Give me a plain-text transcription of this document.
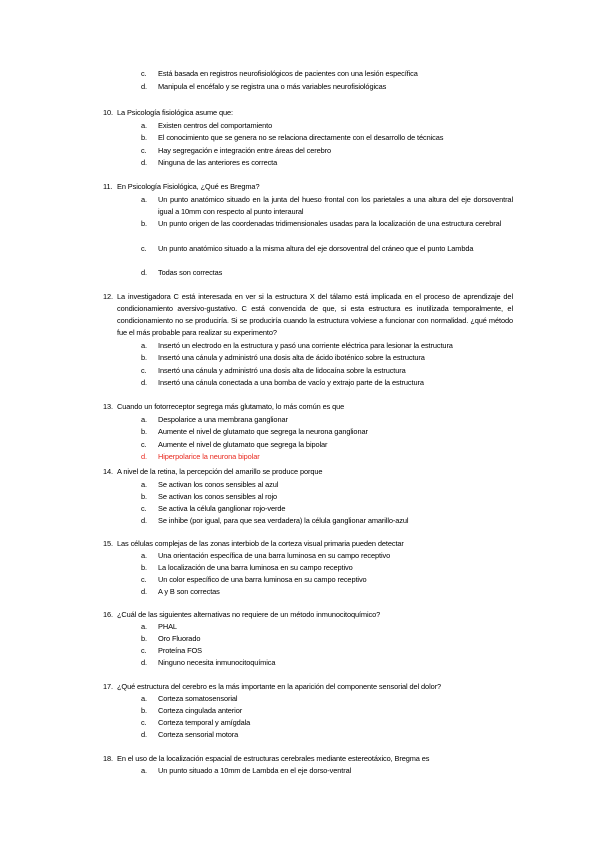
c. Está basada en registros neurofisiológicos de pacientes con una lesión específica
d. Manipula el encéfalo y se registra una o más variables neurofisiológicas
10. La Psicología fisiológica asume que:
a. Existen centros del comportamiento
b. El conocimiento que se genera no se relaciona directamente con el desarrollo de técnicas
c. Hay segregación e integración entre áreas del cerebro
d. Ninguna de las anteriores es correcta
11. En Psicología Fisiológica, ¿Qué es Bregma?
a. Un punto anatómico situado en la junta del hueso frontal con los parietales a una altura del eje dorsoventral igual a 10mm con respecto al punto interaural
b. Un punto origen de las coordenadas tridimensionales usadas para la localización de una estructura cerebral
c. Un punto anatómico situado a la misma altura del eje dorsoventral del cráneo que el punto Lambda
d. Todas son correctas
12. La investigadora C está interesada en ver si la estructura X del tálamo está implicada en el proceso de aprendizaje del condicionamiento aversivo-gustativo. C está convencida de que, si esta estructura es inutilizada temporalmente, el condicionamiento no se produciría. Si se produciría cuando la estructura volviese a funcionar con normalidad. ¿qué método fue el más probable para realizar su experimento?
a. Insertó un electrodo en la estructura y pasó una corriente eléctrica para lesionar la estructura
b. Insertó una cánula y administró una dosis alta de ácido iboténico sobre la estructura
c. Insertó una cánula y administró una dosis alta de lidocaína sobre la estructura
d. Insertó una cánula conectada a una bomba de vacío y extrajo parte de la estructura
13. Cuando un fotorreceptor segrega más glutamato, lo más común es que
a. Despolarice a una membrana ganglionar
b. Aumente el nivel de glutamato que segrega la neurona ganglionar
c. Aumente el nivel de glutamato que segrega la bipolar
d. Hiperpolarice la neurona bipolar
14. A nivel de la retina, la percepción del amarillo se produce porque
a. Se activan los conos sensibles al azul
b. Se activan los conos sensibles al rojo
c. Se activa la célula ganglionar rojo-verde
d. Se inhibe (por igual, para que sea verdadera) la célula ganglionar amarillo-azul
15. Las células complejas de las zonas interbiob de la corteza visual primaria pueden detectar
a. Una orientación específica de una barra luminosa en su campo receptivo
b. La localización de una barra luminosa en su campo receptivo
c. Un color específico de una barra luminosa en su campo receptivo
d. A y B son correctas
16. ¿Cuál de las siguientes alternativas no requiere de un método inmunocitoquímico?
a. PHAL
b. Oro Fluorado
c. Proteína FOS
d. Ninguno necesita inmunocitoquímica
17. ¿Qué estructura del cerebro es la más importante en la aparición del componente sensorial del dolor?
a. Corteza somatosensorial
b. Corteza cingulada anterior
c. Corteza temporal y amígdala
d. Corteza sensorial motora
18. En el uso de la localización espacial de estructuras cerebrales mediante estereotáxico, Bregma es
a. Un punto situado a 10mm de Lambda en el eje dorso-ventral
